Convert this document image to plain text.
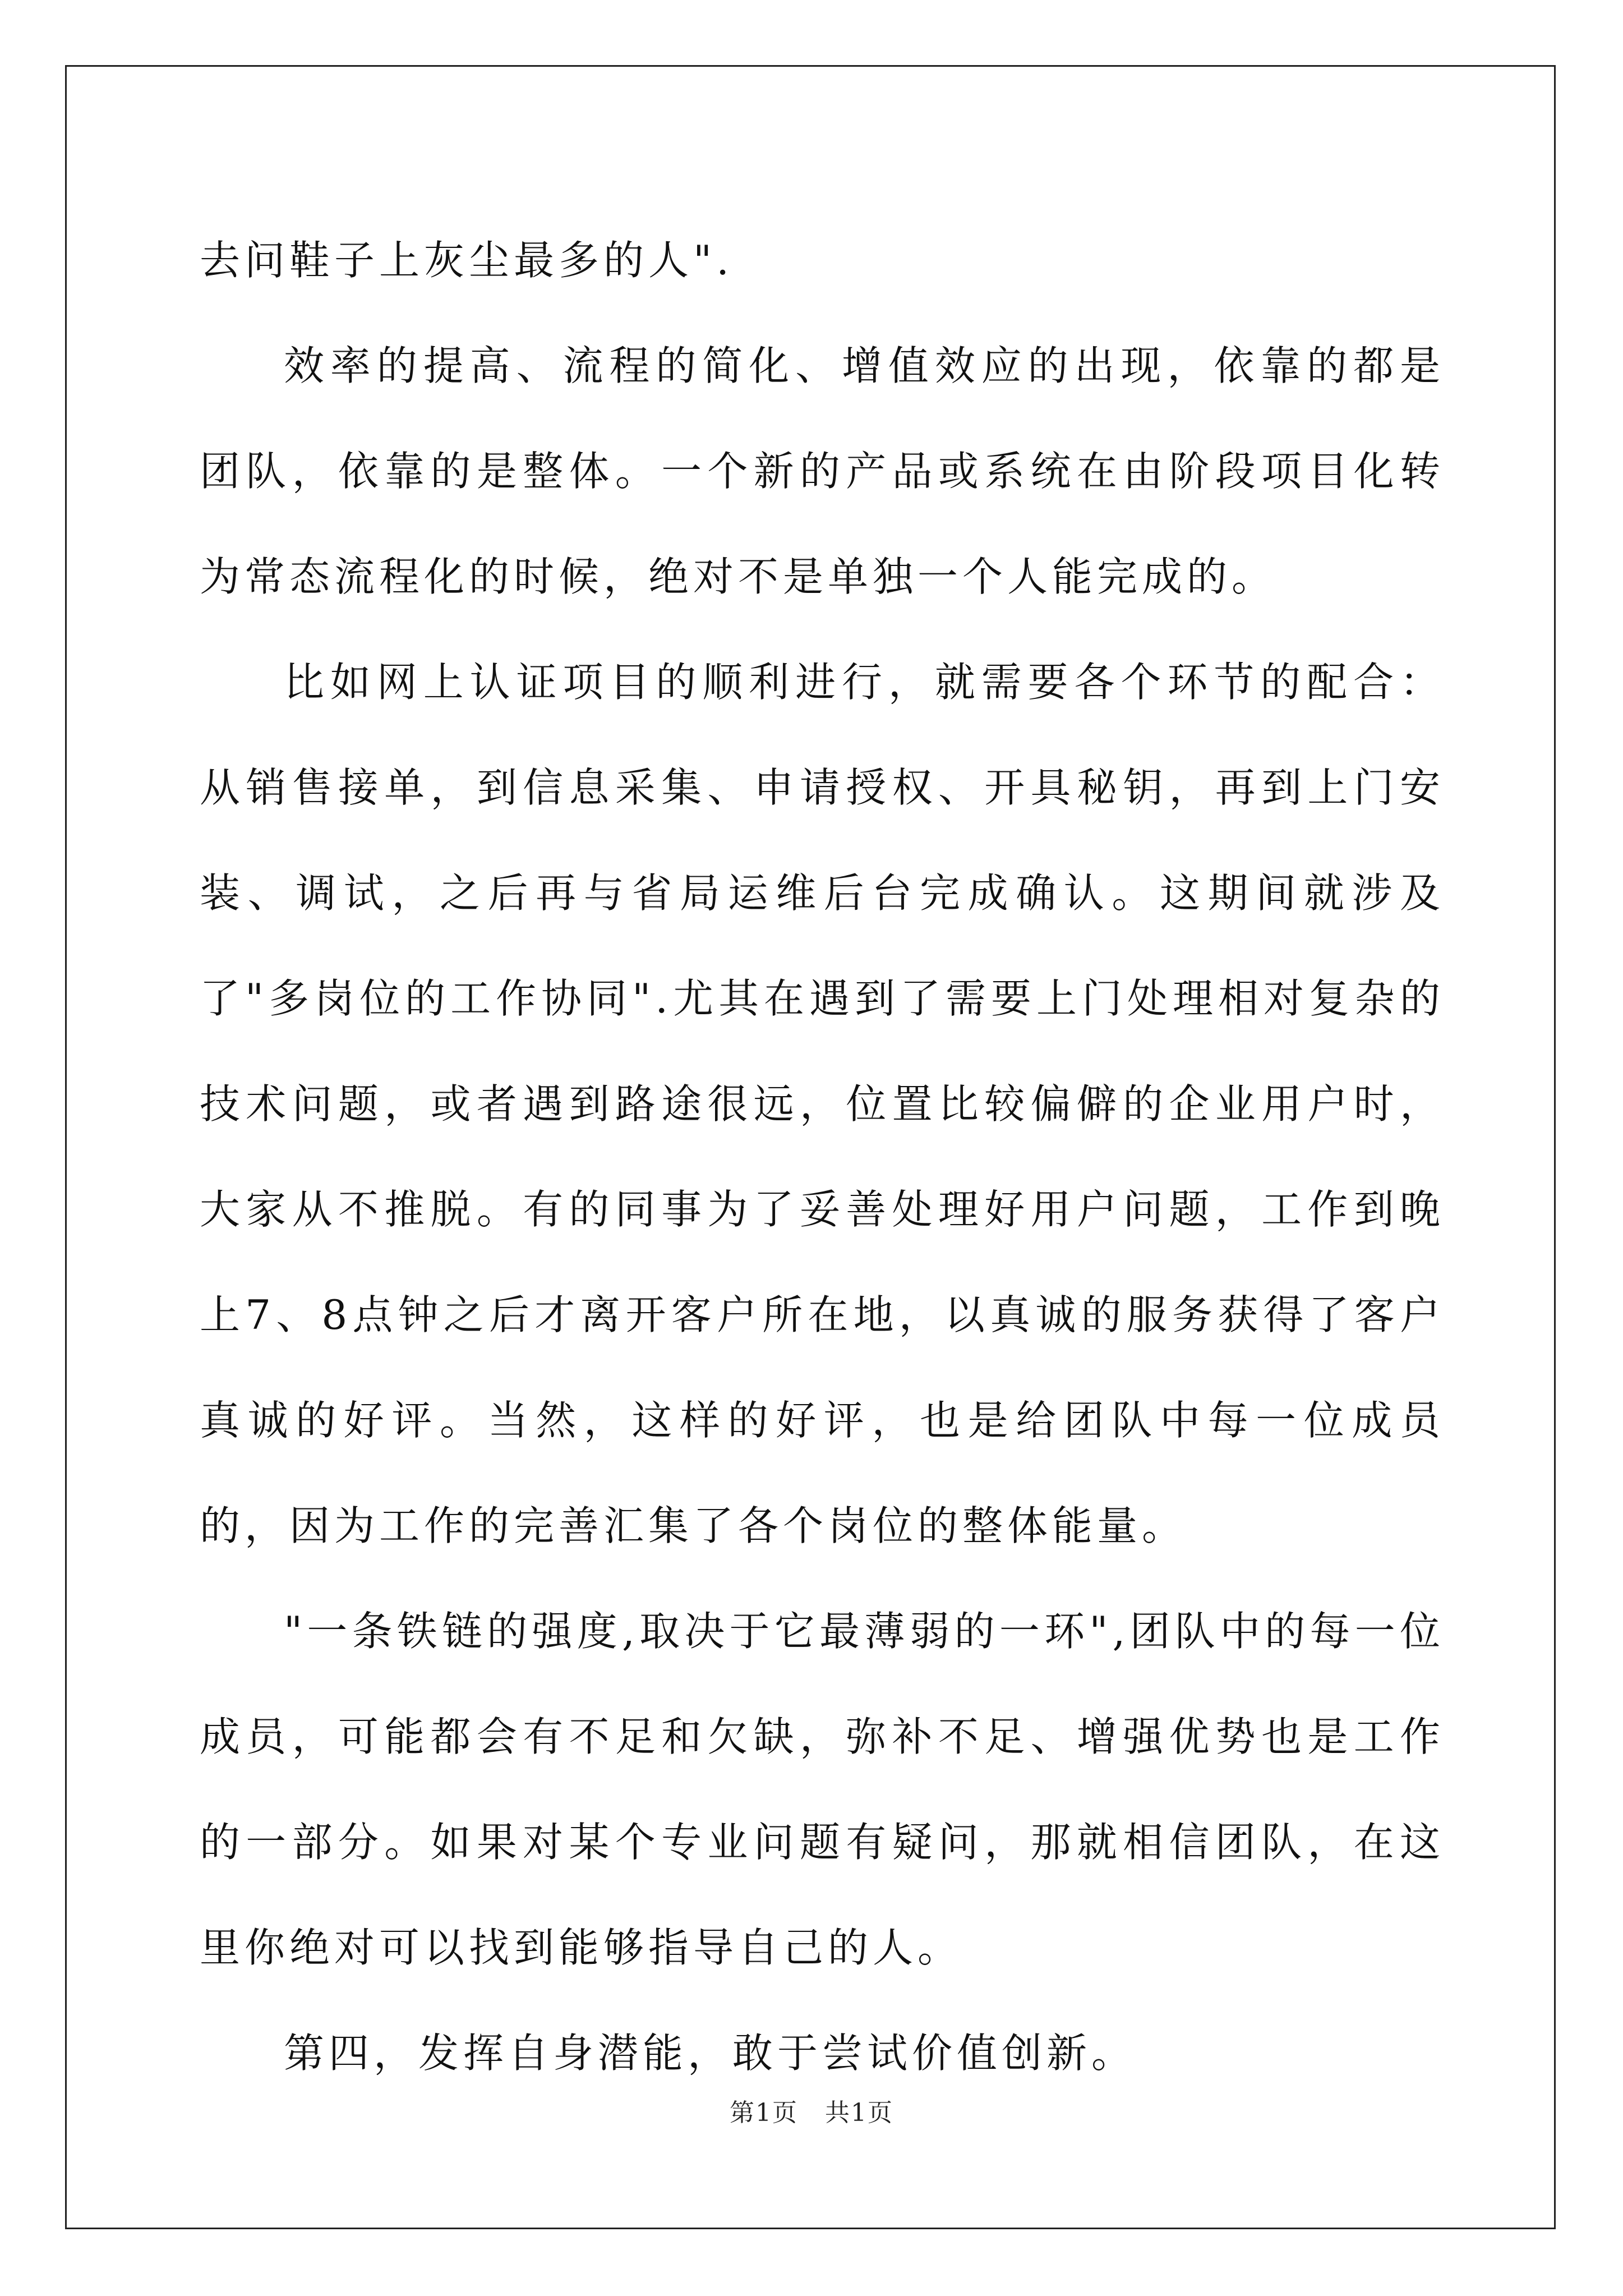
去问鞋子上灰尘最多的人".

效率的提高、流程的简化、增值效应的出现，依靠的都是团队，依靠的是整体。一个新的产品或系统在由阶段项目化转为常态流程化的时候，绝对不是单独一个人能完成的。

比如网上认证项目的顺利进行，就需要各个环节的配合：从销售接单，到信息采集、申请授权、开具秘钥，再到上门安装、调试，之后再与省局运维后台完成确认。这期间就涉及了"多岗位的工作协同".尤其在遇到了需要上门处理相对复杂的技术问题，或者遇到路途很远，位置比较偏僻的企业用户时，大家从不推脱。有的同事为了妥善处理好用户问题，工作到晚上7、8点钟之后才离开客户所在地，以真诚的服务获得了客户真诚的好评。当然，这样的好评，也是给团队中每一位成员的，因为工作的完善汇集了各个岗位的整体能量。

"一条铁链的强度,取决于它最薄弱的一环",团队中的每一位成员，可能都会有不足和欠缺，弥补不足、增强优势也是工作的一部分。如果对某个专业问题有疑问，那就相信团队，在这里你绝对可以找到能够指导自己的人。

第四，发挥自身潜能，敢于尝试价值创新。

第1页 共1页
